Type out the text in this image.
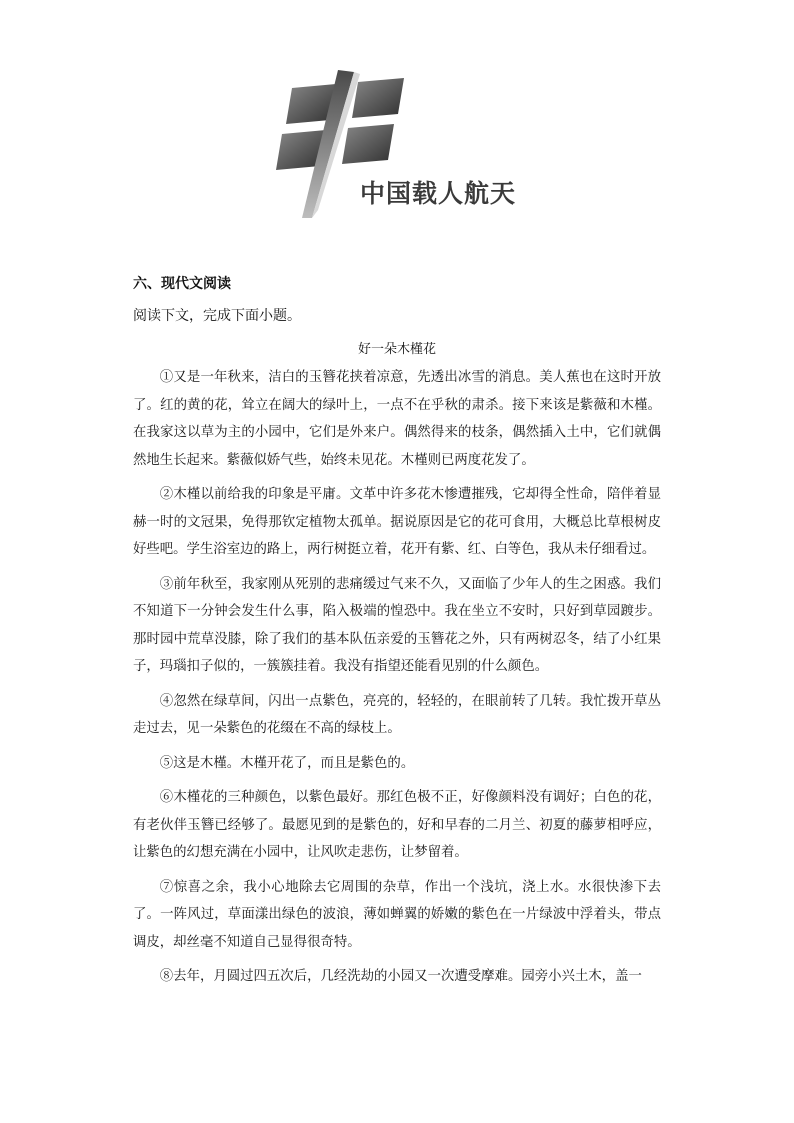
中国载人航天
六、现代文阅读
阅读下文，完成下面小题。
好一朵木槿花

①又是一年秋来，洁白的玉簪花挟着凉意，先透出冰雪的消息。美人蕉也在这时开放了。红的黄的花，耸立在阔大的绿叶上，一点不在乎秋的肃杀。接下来该是紫薇和木槿。在我家这以草为主的小园中，它们是外来户。偶然得来的枝条，偶然插入土中，它们就偶然地生长起来。紫薇似娇气些，始终未见花。木槿则已两度花发了。

②木槿以前给我的印象是平庸。文革中许多花木惨遭摧残，它却得全性命，陪伴着显赫一时的文冠果，免得那钦定植物太孤单。据说原因是它的花可食用，大概总比草根树皮好些吧。学生浴室边的路上，两行树挺立着，花开有紫、红、白等色，我从未仔细看过。

③前年秋至，我家刚从死别的悲痛缓过气来不久，又面临了少年人的生之困惑。我们不知道下一分钟会发生什么事，陷入极端的惶恐中。我在坐立不安时，只好到草园踱步。那时园中荒草没膝，除了我们的基本队伍亲爱的玉簪花之外，只有两树忍冬，结了小红果子，玛瑙扣子似的，一簇簇挂着。我没有指望还能看见别的什么颜色。

④忽然在绿草间，闪出一点紫色，亮亮的，轻轻的，在眼前转了几转。我忙拨开草丛走过去，见一朵紫色的花缀在不高的绿枝上。

⑤这是木槿。木槿开花了，而且是紫色的。

⑥木槿花的三种颜色，以紫色最好。那红色极不正，好像颜料没有调好；白色的花，有老伙伴玉簪已经够了。最愿见到的是紫色的，好和早春的二月兰、初夏的藤萝相呼应，让紫色的幻想充满在小园中，让风吹走悲伤，让梦留着。

⑦惊喜之余，我小心地除去它周围的杂草，作出一个浅坑，浇上水。水很快渗下去了。一阵风过，草面漾出绿色的波浪，薄如蝉翼的娇嫩的紫色在一片绿波中浮着头，带点调皮，却丝毫不知道自己显得很奇特。

⑧去年，月圆过四五次后，几经洗劫的小园又一次遭受摩难。园旁小兴土木，盖一
